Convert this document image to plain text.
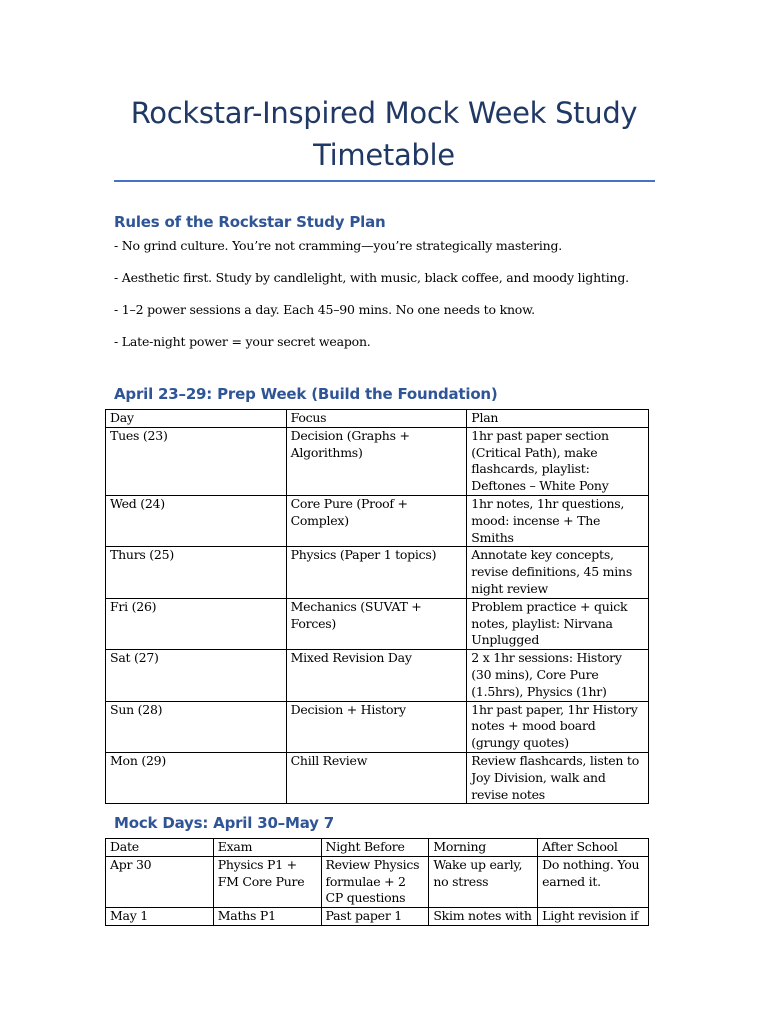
Rockstar-Inspired Mock Week Study Timetable
Rules of the Rockstar Study Plan
- No grind culture. You’re not cramming—you’re strategically mastering.
- Aesthetic first. Study by candlelight, with music, black coffee, and moody lighting.
- 1–2 power sessions a day. Each 45–90 mins. No one needs to know.
- Late-night power = your secret weapon.
April 23–29: Prep Week (Build the Foundation)
Day	Focus	Plan
Tues (23)	Decision (Graphs + Algorithms)	1hr past paper section (Critical Path), make flashcards, playlist: Deftones – White Pony
Wed (24)	Core Pure (Proof + Complex)	1hr notes, 1hr questions, mood: incense + The Smiths
Thurs (25)	Physics (Paper 1 topics)	Annotate key concepts, revise definitions, 45 mins night review
Fri (26)	Mechanics (SUVAT + Forces)	Problem practice + quick notes, playlist: Nirvana Unplugged
Sat (27)	Mixed Revision Day	2 x 1hr sessions: History (30 mins), Core Pure (1.5hrs), Physics (1hr)
Sun (28)	Decision + History	1hr past paper, 1hr History notes + mood board (grungy quotes)
Mon (29)	Chill Review	Review flashcards, listen to Joy Division, walk and revise notes
Mock Days: April 30–May 7
Date	Exam	Night Before	Morning	After School
Apr 30	Physics P1 + FM Core Pure	Review Physics formulae + 2 CP questions	Wake up early, no stress	Do nothing. You earned it.
May 1	Maths P1	Past paper 1	Skim notes with	Light revision if
